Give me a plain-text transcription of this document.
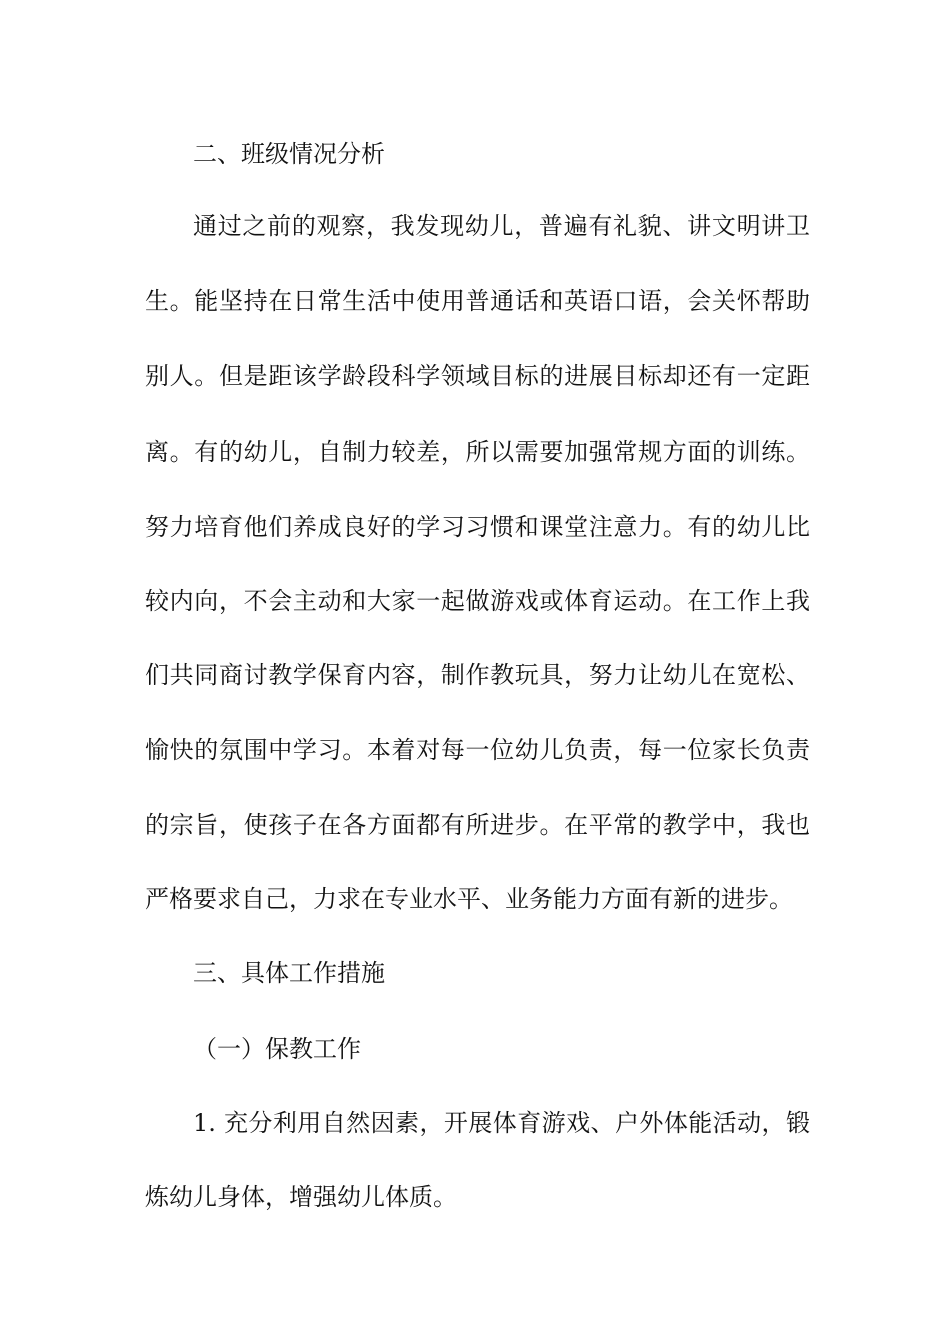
二、班级情况分析
通过之前的观察，我发现幼儿，普遍有礼貌、讲文明讲卫
生。能坚持在日常生活中使用普通话和英语口语，会关怀帮助
别人。但是距该学龄段科学领域目标的进展目标却还有一定距
离。有的幼儿，自制力较差，所以需要加强常规方面的训练。
努力培育他们养成良好的学习习惯和课堂注意力。有的幼儿比
较内向，不会主动和大家一起做游戏或体育运动。在工作上我
们共同商讨教学保育内容，制作教玩具，努力让幼儿在宽松、
愉快的氛围中学习。本着对每一位幼儿负责，每一位家长负责
的宗旨，使孩子在各方面都有所进步。在平常的教学中，我也
严格要求自己，力求在专业水平、业务能力方面有新的进步。
三、具体工作措施
（一）保教工作
1. 充分利用自然因素，开展体育游戏、户外体能活动，锻
炼幼儿身体，增强幼儿体质。
